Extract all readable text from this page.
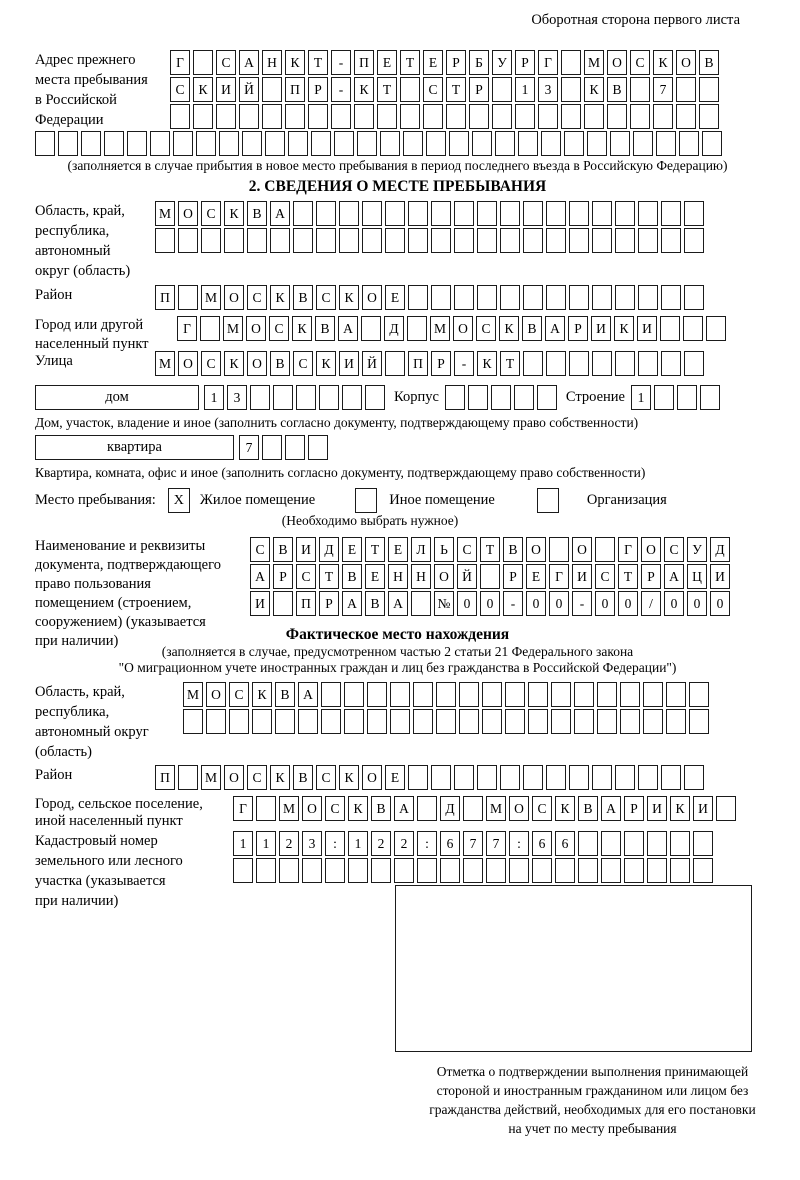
Оборотная сторона первого листа
Адрес прежнего
места пребывания
в Российской
Федерации
Г	С	А Н	К	Т	-	П	Е	Т	Е	Р	Б	У	Р	Г	М О	С	К	О	В
С	К	И Й	П	Р	-	К	Т	С	Т	Р	1	3	К	В	7
(заполняется в случае прибытия в новое место пребывания в период последнего въезда в Российскую Федерацию)
2. СВЕДЕНИЯ О МЕСТЕ ПРЕБЫВАНИЯ
Область, край,
республика,
автономный
округ (область)
М О	С	К	В	А
Район	П	М О	С	К	В	С	К	О	Е
Город или другой
населенный пункт
Г	М О	С	К	В	А	Д	М О	С	К	В	А	Р	И	К	И
Улица	М О	С	К	О	В	С	К	И Й	П	Р	-	К	Т
дом	1	3	Корпус	Строение 1
Дом, участок, владение и иное (заполнить согласно документу, подтверждающему право собственности)
квартира	7
Квартира, комната, офис и иное (заполнить согласно документу, подтверждающему право собственности)
Место пребывания:	X	Жилое помещение	Иное помещение	Организация
(Необходимо выбрать нужное)
Наименование и реквизиты
документа, подтверждающего
право пользования
помещением (строением,
сооружением) (указывается
при наличии)
С	В	И	Д	Е	Т	Е	Л	Ь	С	Т	В	О	О	Г	О	С	У	Д
А	Р	С	Т	В	Е	Н Н О Й	Р	Е	Г	И	С	Т	Р	А Ц И
И	П	Р	А	В	А	№ 0	0	-	0	0	-	0	0	/	0	0	0
Фактическое место нахождения
(заполняется в случае, предусмотренном частью 2 статьи 21 Федерального закона
"О миграционном учете иностранных граждан и лиц без гражданства в Российской Федерации")
Область, край,
республика,
автономный округ
(область)
М О	С	К	В	А
Район	П	М О	С	К	В	С	К	О	Е
Город, сельское поселение,
иной населенный пункт
Г	М О	С	К	В	А	Д	М О	С	К	В	А	Р	И	К	И
Кадастровый номер
земельного или лесного
участка (указывается
при наличии)
1	1	2	3	:	1	2	2	:	6	7	7	:	6	6
Отметка о подтверждении выполнения принимающей
стороной и иностранным гражданином или лицом без
гражданства действий, необходимых для его постановки
на учет по месту пребывания
